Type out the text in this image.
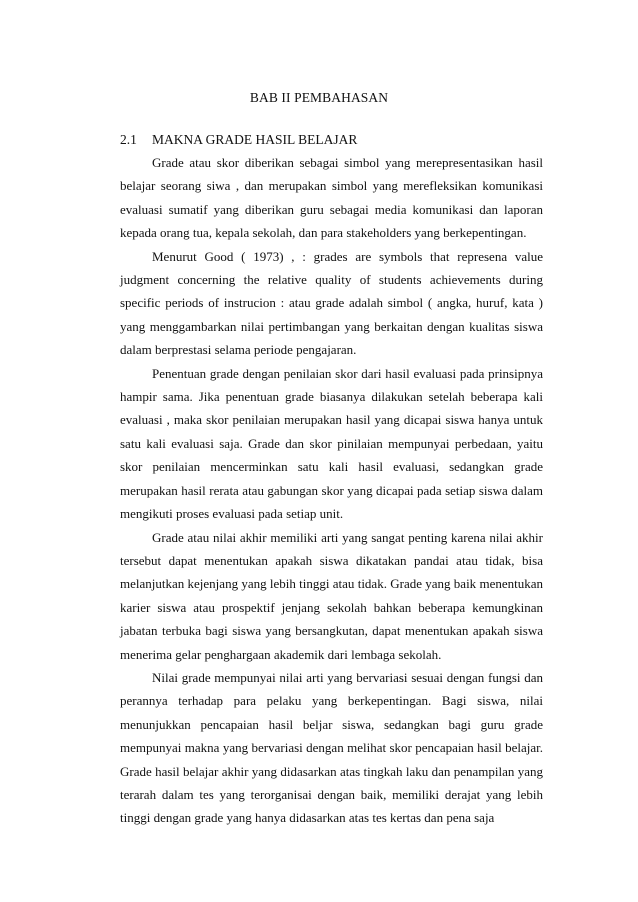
BAB II PEMBAHASAN
2.1 MAKNA GRADE HASIL BELAJAR

Grade atau skor diberikan sebagai simbol yang merepresentasikan hasil belajar seorang siwa , dan merupakan simbol yang merefleksikan komunikasi evaluasi sumatif yang diberikan guru sebagai media komunikasi dan laporan kepada orang tua, kepala sekolah, dan para stakeholders yang berkepentingan.

Menurut Good ( 1973) , : grades are symbols that represena value judgment concerning the relative quality of students achievements during specific periods of instrucion : atau grade adalah simbol ( angka, huruf, kata ) yang menggambarkan nilai pertimbangan yang berkaitan dengan kualitas siswa dalam berprestasi selama periode pengajaran.

Penentuan grade dengan penilaian skor dari hasil evaluasi pada prinsipnya hampir sama. Jika penentuan grade biasanya dilakukan setelah beberapa kali evaluasi , maka skor penilaian merupakan hasil yang dicapai siswa hanya untuk satu kali evaluasi saja. Grade dan skor pinilaian mempunyai perbedaan, yaitu skor penilaian mencerminkan satu kali hasil evaluasi, sedangkan grade merupakan hasil rerata atau gabungan skor yang dicapai pada setiap siswa dalam mengikuti proses evaluasi pada setiap unit.

Grade atau nilai akhir memiliki arti yang sangat penting karena nilai akhir tersebut dapat menentukan apakah siswa dikatakan pandai atau tidak, bisa melanjutkan kejenjang yang lebih tinggi atau tidak. Grade yang baik menentukan karier siswa atau prospektif jenjang sekolah bahkan beberapa kemungkinan jabatan terbuka bagi siswa yang bersangkutan, dapat menentukan apakah siswa menerima gelar penghargaan akademik dari lembaga sekolah.

Nilai grade mempunyai nilai arti yang bervariasi sesuai dengan fungsi dan perannya terhadap para pelaku yang berkepentingan. Bagi siswa, nilai menunjukkan pencapaian hasil beljar siswa, sedangkan bagi guru grade mempunyai makna yang bervariasi dengan melihat skor pencapaian hasil belajar. Grade hasil belajar akhir yang didasarkan atas tingkah laku dan penampilan yang terarah dalam tes yang terorganisai dengan baik, memiliki derajat yang lebih tinggi dengan grade yang hanya didasarkan atas tes kertas dan pena saja
